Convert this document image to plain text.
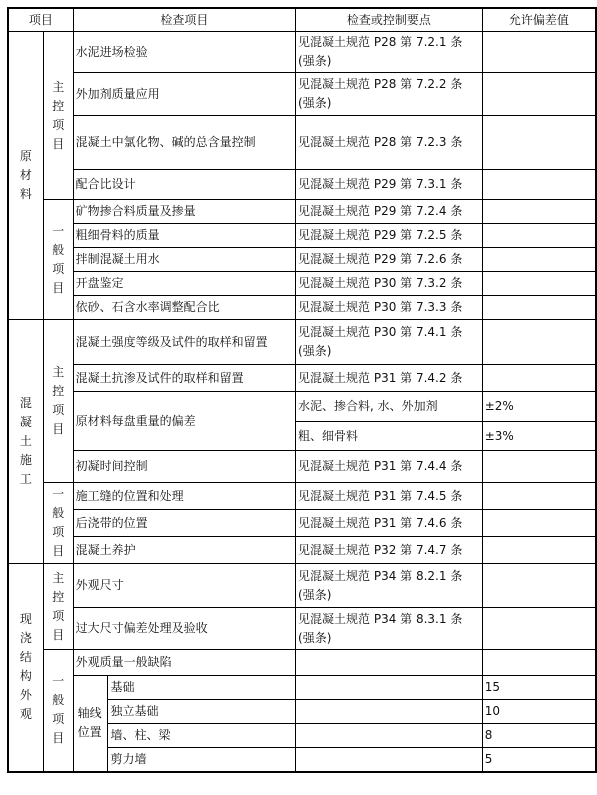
项目		检查项目		检查或控制要点	允许偏差值
原材料	主控项目	水泥进场检验		见混凝土规范 P28 第 7.2.1 条 (强条)	
		外加剂质量应用		见混凝土规范 P28 第 7.2.2 条 (强条)	
		混凝土中氯化物、碱的总含量控制		见混凝土规范 P28 第 7.2.3 条	
		配合比设计		见混凝土规范 P29 第 7.3.1 条	
	一般项目	矿物掺合料质量及掺量		见混凝土规范 P29 第 7.2.4 条	
		粗细骨料的质量		见混凝土规范 P29 第 7.2.5 条	
		拌制混凝土用水		见混凝土规范 P29 第 7.2.6 条	
		开盘鉴定		见混凝土规范 P30 第 7.3.2 条	
		依砂、石含水率调整配合比		见混凝土规范 P30 第 7.3.3 条	
混凝土施工	主控项目	混凝土强度等级及试件的取样和留置		见混凝土规范 P30 第 7.4.1 条 (强条)	
		混凝土抗渗及试件的取样和留置		见混凝土规范 P31 第 7.4.2 条	
		原材料每盘重量的偏差		水泥、掺合料, 水、外加剂	±2%
				粗、细骨料	±3%
		初凝时间控制		见混凝土规范 P31 第 7.4.4 条	
	一般项目	施工缝的位置和处理		见混凝土规范 P31 第 7.4.5 条	
		后浇带的位置		见混凝土规范 P31 第 7.4.6 条	
		混凝土养护		见混凝土规范 P32 第 7.4.7 条	
现浇结构外观	主控项目	外观尺寸		见混凝土规范 P34 第 8.2.1 条 (强条)	
		过大尺寸偏差处理及验收		见混凝土规范 P34 第 8.3.1 条 (强条)	
	一般项目	外观质量一般缺陷			
		轴线位置	基础		15
			独立基础		10
			墙、柱、梁		8
			剪力墙		5
